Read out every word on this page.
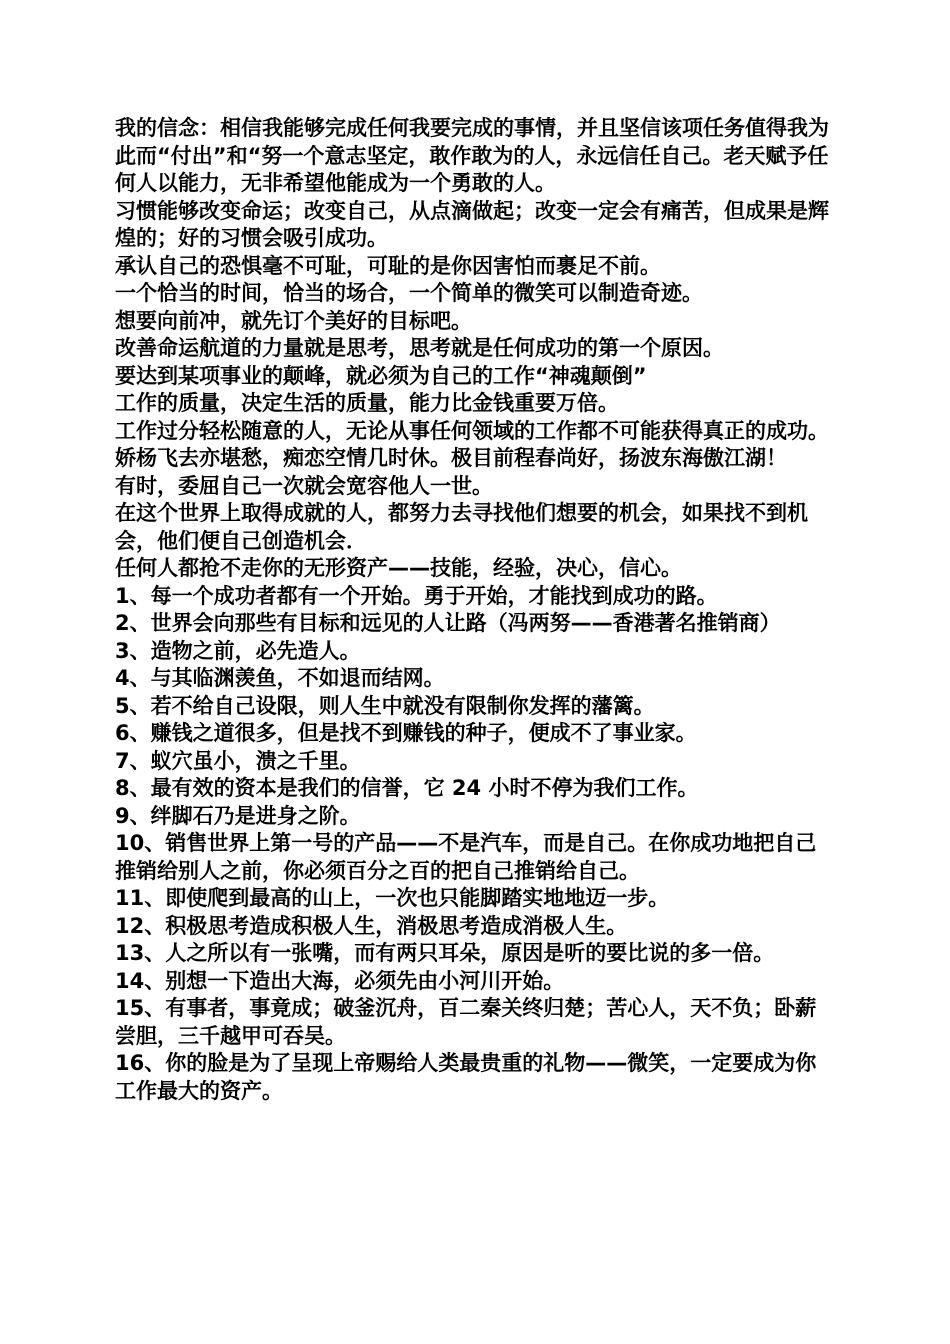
我的信念：相信我能够完成任何我要完成的事情，并且坚信该项任务值得我为此而“付出”和“努一个意志坚定，敢作敢为的人，永远信任自己。老天赋予任何人以能力，无非希望他能成为一个勇敢的人。

习惯能够改变命运；改变自己，从点滴做起；改变一定会有痛苦，但成果是辉煌的；好的习惯会吸引成功。

承认自己的恐惧毫不可耻，可耻的是你因害怕而裹足不前。

一个恰当的时间，恰当的场合，一个简单的微笑可以制造奇迹。

想要向前冲，就先订个美好的目标吧。

改善命运航道的力量就是思考，思考就是任何成功的第一个原因。

要达到某项事业的颠峰，就必须为自己的工作“神魂颠倒”

工作的质量，决定生活的质量，能力比金钱重要万倍。

工作过分轻松随意的人，无论从事任何领域的工作都不可能获得真正的成功。

娇杨飞去亦堪愁，痴恋空情几时休。极目前程春尚好，扬波东海傲江湖！

有时，委屈自己一次就会宽容他人一世。

在这个世界上取得成就的人，都努力去寻找他们想要的机会，如果找不到机会，他们便自己创造机会．

任何人都抢不走你的无形资产——技能，经验，决心，信心。

1、每一个成功者都有一个开始。勇于开始，才能找到成功的路。

2、世界会向那些有目标和远见的人让路（冯两努——香港著名推销商）

3、造物之前，必先造人。

4、与其临渊羡鱼，不如退而结网。

5、若不给自己设限，则人生中就没有限制你发挥的藩篱。

6、赚钱之道很多，但是找不到赚钱的种子，便成不了事业家。

7、蚁穴虽小，溃之千里。

8、最有效的资本是我们的信誉，它 24 小时不停为我们工作。

9、绊脚石乃是进身之阶。

10、销售世界上第一号的产品——不是汽车，而是自己。在你成功地把自己推销给别人之前，你必须百分之百的把自己推销给自己。

11、即使爬到最高的山上，一次也只能脚踏实地地迈一步。

12、积极思考造成积极人生，消极思考造成消极人生。

13、人之所以有一张嘴，而有两只耳朵，原因是听的要比说的多一倍。

14、别想一下造出大海，必须先由小河川开始。

15、有事者，事竟成；破釜沉舟，百二秦关终归楚；苦心人，天不负；卧薪尝胆，三千越甲可吞吴。

16、你的脸是为了呈现上帝赐给人类最贵重的礼物——微笑，一定要成为你工作最大的资产。
